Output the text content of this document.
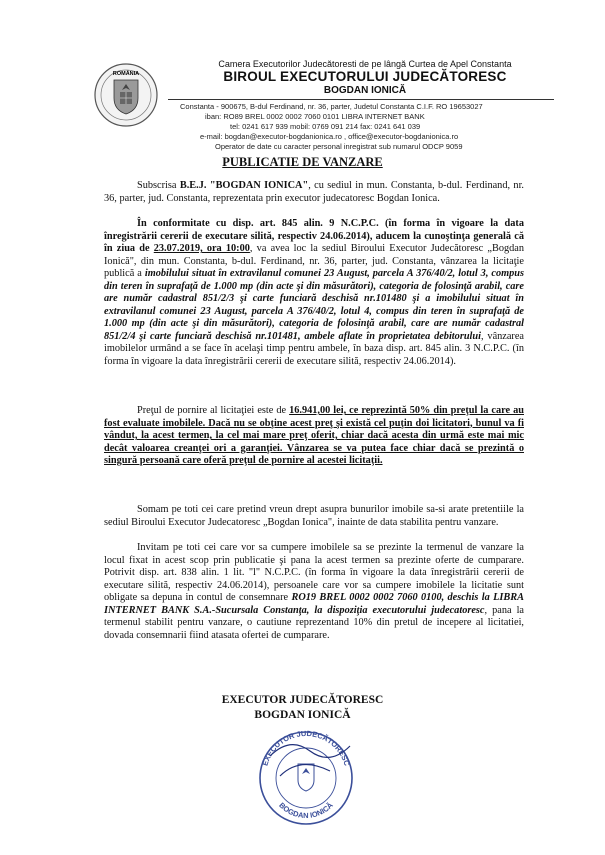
ROMÂNIA
Camera Executorilor Judecătoresti de pe lângă Curtea de Apel Constanta
BIROUL EXECUTORULUI JUDECĂTORESC
BOGDAN IONICĂ
Constanta - 900675, B-dul Ferdinand, nr. 36, parter, Judetul Constanta C.I.F. RO 19653027
iban: RO89 BREL 0002 0002 7060 0101 LIBRA INTERNET BANK
tel: 0241 617 939 mobil: 0769 091 214 fax: 0241 641 039
e-mail: bogdan@executor-bogdanionica.ro , office@executor-bogdanionica.ro
Operator de date cu caracter personal inregistrat sub numarul ODCP 9059
PUBLICATIE DE VANZARE

Subscrisa B.E.J. "BOGDAN IONICA", cu sediul in mun. Constanta, b-dul. Ferdinand, nr. 36, parter, jud. Constanta, reprezentata prin executor judecatoresc Bogdan Ionica.

În conformitate cu disp. art. 845 alin. 9 N.C.P.C. (în forma în vigoare la data înregistrării cererii de executare silită, respectiv 24.06.2014), aducem la cunoştinţa generală că în ziua de 23.07.2019, ora 10:00, va avea loc la sediul Biroului Executor Judecătoresc „Bogdan Ionică", din mun. Constanta, b-dul. Ferdinand, nr. 36, parter, jud. Constanta, vânzarea la licitaţie publică a imobilului situat în extravilanul comunei 23 August, parcela A 376/40/2, lotul 3, compus din teren în suprafaţă de 1.000 mp (din acte şi din măsurători), categoria de folosinţă arabil, care are număr cadastral 851/2/3 şi carte funciară deschisă nr.101480 şi a imobilului situat în extravilanul comunei 23 August, parcela A 376/40/2, lotul 4, compus din teren în suprafaţă de 1.000 mp (din acte şi din măsurători), categoria de folosinţă arabil, care are număr cadastral 851/2/4 şi carte funciară deschisă nr.101481, ambele aflate în proprietatea debitorului, vânzarea imobilelor urmând a se face în acelaşi timp pentru ambele, în baza disp. art. 845 alin. 3 N.C.P.C. (în forma în vigoare la data înregistrării cererii de executare silită, respectiv 24.06.2014).

Preţul de pornire al licitaţiei este de 16.941,00 lei, ce reprezintă 50% din preţul la care au fost evaluate imobilele. Dacă nu se obţine acest preţ şi există cel puţin doi licitatori, bunul va fi vândut, la acest termen, la cel mai mare preţ oferit, chiar dacă acesta din urmă este mai mic decât valoarea creanţei ori a garanţiei. Vânzarea se va putea face chiar dacă se prezintă o singură persoană care oferă preţul de pornire al acestei licitaţii.

Somam pe toti cei care pretind vreun drept asupra bunurilor imobile sa-si arate pretentiile la sediul Biroului Executor Judecatoresc „Bogdan Ionica", inainte de data stabilita pentru vanzare.

Invitam pe toti cei care vor sa cumpere imobilele sa se prezinte la termenul de vanzare la locul fixat in acest scop prin publicatie şi pana la acest termen sa prezinte oferte de cumparare. Potrivit disp. art. 838 alin. 1 lit. "l" N.C.P.C. (în forma în vigoare la data înregistrării cererii de executare silită, respectiv 24.06.2014), persoanele care vor sa cumpere imobilele la licitatie sunt obligate sa depuna in contul de consemnare RO19 BREL 0002 0002 7060 0100, deschis la LIBRA INTERNET BANK S.A.-Sucursala Constanţa, la dispoziţia executorului judecatoresc, pana la termenul stabilit pentru vanzare, o cautiune reprezentand 10% din pretul de incepere al licitatiei, dovada consemnarii fiind atasata ofertei de cumparare.

EXECUTOR JUDECĂTORESC
BOGDAN IONICĂ
EXECUTOR JUDECĂTORESC
BOGDAN IONICĂ
